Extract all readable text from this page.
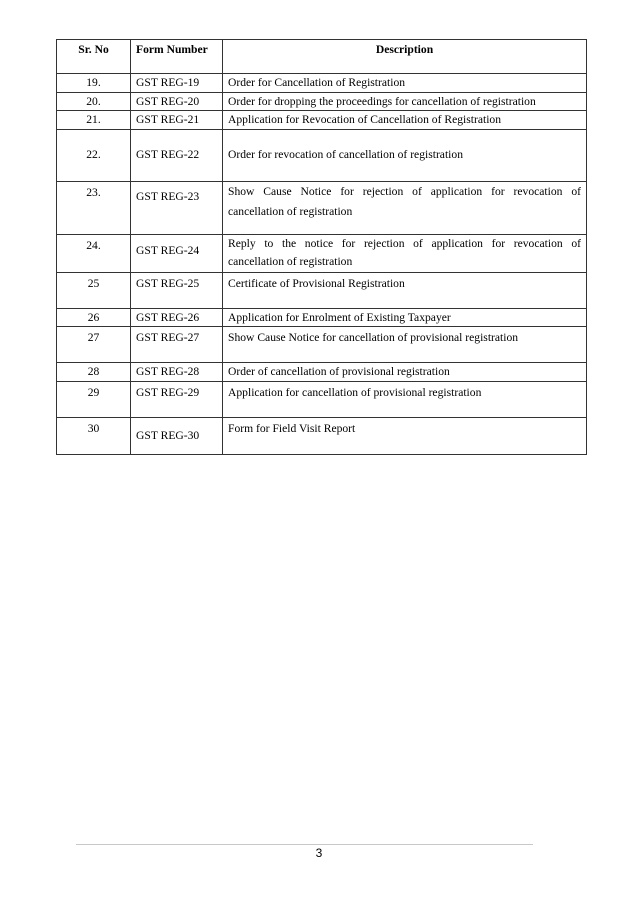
Sr. No	Form Number	Description
19.	GST REG-19	Order for Cancellation of Registration
20.	GST REG-20	Order for dropping the proceedings for cancellation of registration
21.	GST REG-21	Application for Revocation of Cancellation of Registration
22.	GST REG-22	Order for revocation of cancellation of registration
23.	GST REG-23	Show Cause Notice for rejection of application for revocation of cancellation of registration
24.	GST REG-24	Reply to the notice for rejection of application for revocation of cancellation of registration
25	GST REG-25	Certificate of Provisional Registration
26	GST REG-26	Application for Enrolment of Existing Taxpayer
27	GST REG-27	Show Cause Notice for cancellation of provisional registration
28	GST REG-28	Order of cancellation of provisional registration
29	GST REG-29	Application for cancellation of provisional registration
30	GST REG-30	Form for Field Visit Report
3
